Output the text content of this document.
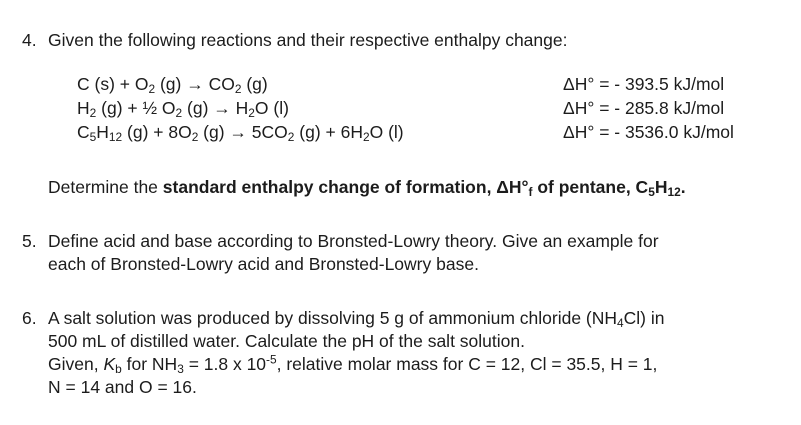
4. Given the following reactions and their respective enthalpy change:
C $(s) + O_2$ $(g) \to CO_2$ (g)	ΔH° = - 393.5 kJ/mol
$H_2$ (g) + ½ $O_2$ $(g) \to H_2O$ (l)	ΔH° = - 285.8 kJ/mol
$C_5H_{12}$ $(g) + 8O_2$ $(g) \to 5CO_2$ $(g) + 6H_2O$ (l)	ΔH° = - 3536.0 kJ/mol
Determine the standard enthalpy change of formation, $\Delta H^\circ_f$ of pentane, $C_5H_{12}$.
5. Define acid and base according to Bronsted-Lowry theory. Give an example for
each of Bronsted-Lowry acid and Bronsted-Lowry base.
6. A salt solution was produced by dissolving 5 g of ammonium chloride $(NH_4Cl)$ in
500 mL of distilled water. Calculate the pH of the salt solution.
Given, $K_b$ for $NH_3 = 1.8$ x $10^{-5}$, relative molar mass for C = 12, Cl = 35.5, H = 1,
N = 14 and O = 16.
